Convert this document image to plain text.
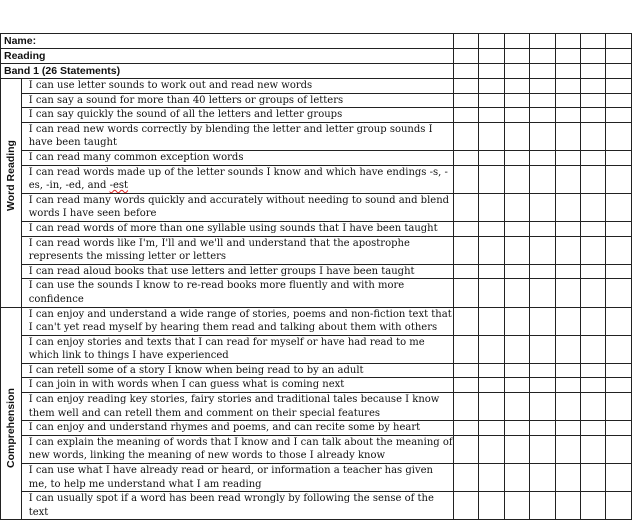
Name:								
Reading								
Band 1 (26 Statements)								

Word Reading	I can use letter sounds to work out and read new words							
	I can say a sound for more than 40 letters or groups of letters							
	I can say quickly the sound of all the letters and letter groups							
	I can read new words correctly by blending the letter and letter group sounds I have been taught							
	I can read many common exception words							
	I can read words made up of the letter sounds I know and which have endings -s, -es, -in, -ed, and -est							
	I can read many words quickly and accurately without needing to sound and blend words I have seen before							
	I can read words of more than one syllable using sounds that I have been taught							
	I can read words like I'm, I'll and we'll and understand that the apostrophe represents the missing letter or letters							
	I can read aloud books that use letters and letter groups I have been taught							
	I can use the sounds I know to re-read books more fluently and with more confidence							

Comprehension	I can enjoy and understand a wide range of stories, poems and non-fiction text that I can't yet read myself by hearing them read and talking about them with others							
	I can enjoy stories and texts that I can read for myself or have had read to me which link to things I have experienced							
	I can retell some of a story I know when being read to by an adult							
	I can join in with words when I can guess what is coming next							
	I can enjoy reading key stories, fairy stories and traditional tales because I know them well and can retell them and comment on their special features							
	I can enjoy and understand rhymes and poems, and can recite some by heart							
	I can explain the meaning of words that I know and I can talk about the meaning of new words, linking the meaning of new words to those I already know							
	I can use what I have already read or heard, or information a teacher has given me, to help me understand what I am reading							
	I can usually spot if a word has been read wrongly by following the sense of the text							
